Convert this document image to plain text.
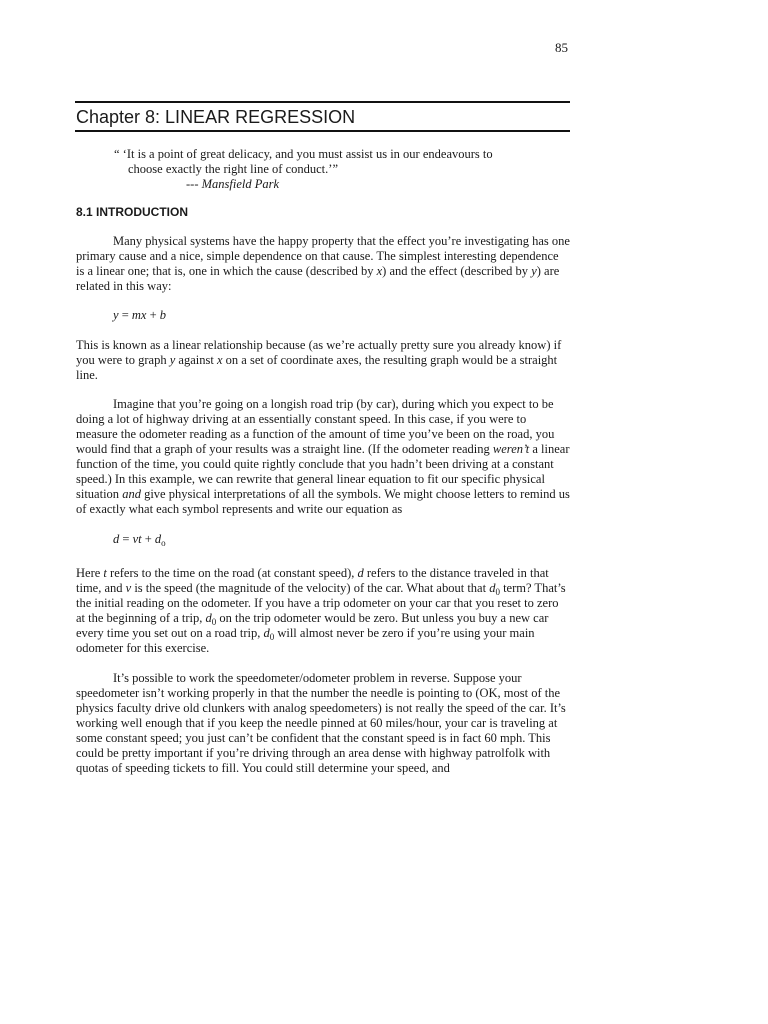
85
Chapter 8: LINEAR REGRESSION
“ ‘It is a point of great delicacy, and you must assist us in our endeavours to
choose exactly the right line of conduct.’”
--- Mansfield Park
8.1 INTRODUCTION

Many physical systems have the happy property that the effect you’re investigating has one primary cause and a nice, simple dependence on that cause. The simplest interesting dependence is a linear one; that is, one in which the cause (described by x) and the effect (described by y) are related in this way:

y = mx + b

This is known as a linear relationship because (as we’re actually pretty sure you already know) if you were to graph y against x on a set of coordinate axes, the resulting graph would be a straight line.

Imagine that you’re going on a longish road trip (by car), during which you expect to be doing a lot of highway driving at an essentially constant speed. In this case, if you were to measure the odometer reading as a function of the amount of time you’ve been on the road, you would find that a graph of your results was a straight line. (If the odometer reading weren’t a linear function of the time, you could quite rightly conclude that you hadn’t been driving at a constant speed.) In this example, we can rewrite that general linear equation to fit our specific physical situation and give physical interpretations of all the symbols. We might choose letters to remind us of exactly what each symbol represents and write our equation as

d = vt + $d_o$

Here t refers to the time on the road (at constant speed), d refers to the distance traveled in that time, and v is the speed (the magnitude of the velocity) of the car. What about that $d_0$ term? That’s the initial reading on the odometer. If you have a trip odometer on your car that you reset to zero at the beginning of a trip, $d_0$ on the trip odometer would be zero. But unless you buy a new car every time you set out on a road trip, $d_0$ will almost never be zero if you’re using your main odometer for this exercise.

It’s possible to work the speedometer/odometer problem in reverse. Suppose your speedometer isn’t working properly in that the number the needle is pointing to (OK, most of the physics faculty drive old clunkers with analog speedometers) is not really the speed of the car. It’s working well enough that if you keep the needle pinned at 60 miles/hour, your car is traveling at some constant speed; you just can’t be confident that the constant speed is in fact 60 mph. This could be pretty important if you’re driving through an area dense with highway patrolfolk with quotas of speeding tickets to fill. You could still determine your speed, and
